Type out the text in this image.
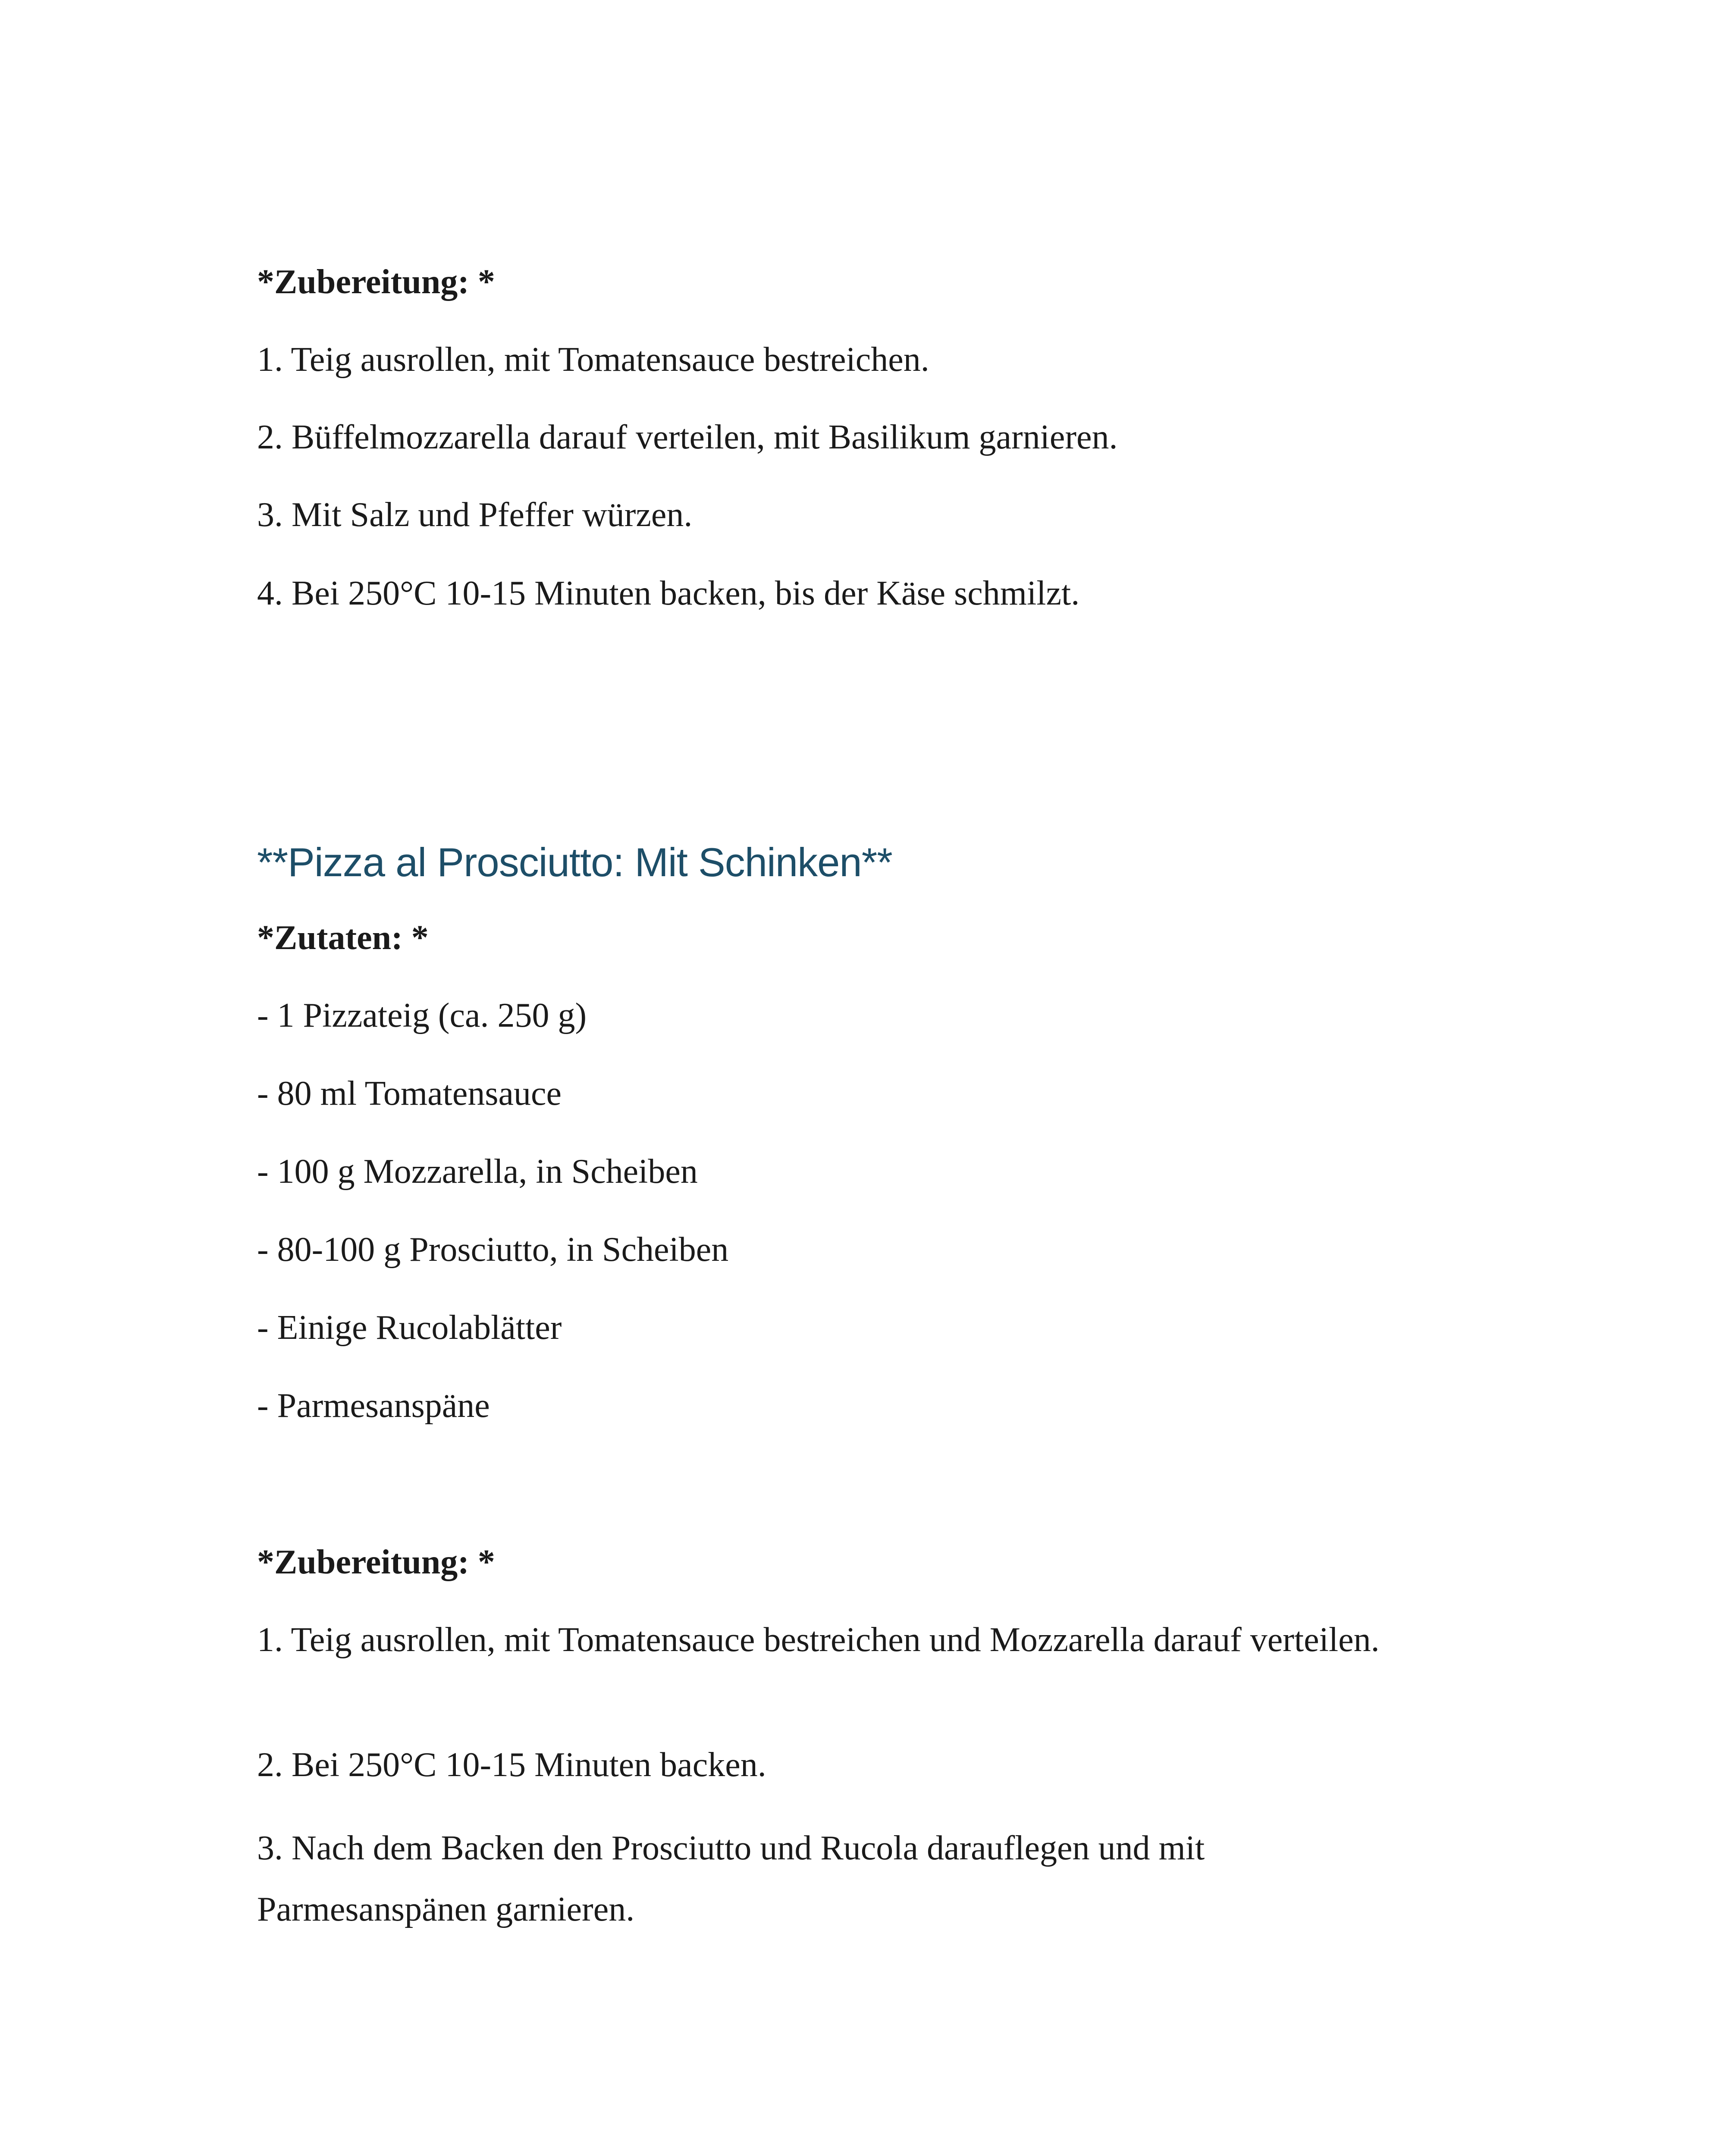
*Zubereitung: *
1. Teig ausrollen, mit Tomatensauce bestreichen.
2. Büffelmozzarella darauf verteilen, mit Basilikum garnieren.
3. Mit Salz und Pfeffer würzen.
4. Bei 250°C 10-15 Minuten backen, bis der Käse schmilzt.
**Pizza al Prosciutto: Mit Schinken**
*Zutaten: *
- 1 Pizzateig (ca. 250 g)
- 80 ml Tomatensauce
- 100 g Mozzarella, in Scheiben
- 80-100 g Prosciutto, in Scheiben
- Einige Rucolablätter
- Parmesanspäne
*Zubereitung: *
1. Teig ausrollen, mit Tomatensauce bestreichen und Mozzarella darauf verteilen.
2. Bei 250°C 10-15 Minuten backen.
3. Nach dem Backen den Prosciutto und Rucola darauflegen und mit Parmesanspänen garnieren.
